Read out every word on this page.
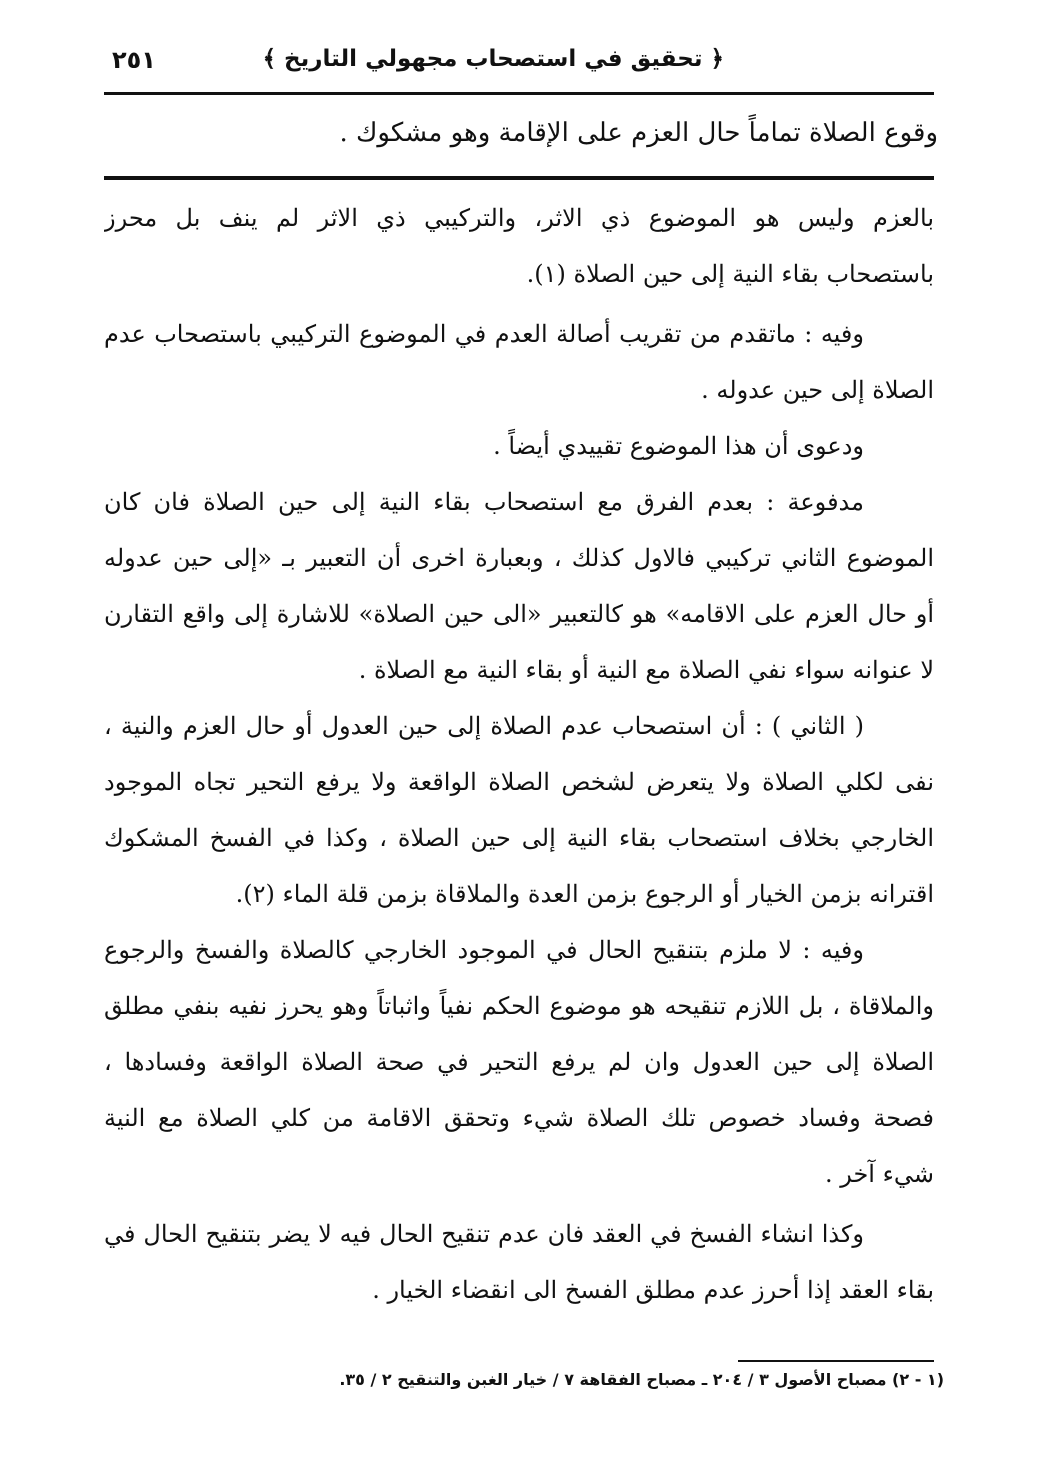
٢٥١	﴿ تحقيق في استصحاب مجهولي التاريخ ﴾
وقوع الصلاة تماماً حال العزم على الإقامة وهو مشكوك .
بالعزم وليس هو الموضوع ذي الاثر، والتركيبي ذي الاثر لم ينف بل محرز
باستصحاب بقاء النية إلى حين الصلاة (١).
وفيه : ماتقدم من تقريب أصالة العدم في الموضوع التركيبي باستصحاب عدم
الصلاة إلى حين عدوله .
ودعوى أن هذا الموضوع تقييدي أيضاً .
مدفوعة : بعدم الفرق مع استصحاب بقاء النية إلى حين الصلاة فان كان
الموضوع الثاني تركيبي فالاول كذلك ، وبعبارة اخرى أن التعبير بـ «إلى حين عدوله
أو حال العزم على الاقامه» هو كالتعبير «الى حين الصلاة» للاشارة إلى واقع التقارن
لا عنوانه سواء نفي الصلاة مع النية أو بقاء النية مع الصلاة .
( الثاني ) : أن استصحاب عدم الصلاة إلى حين العدول أو حال العزم والنية ،
نفى لكلي الصلاة ولا يتعرض لشخص الصلاة الواقعة ولا يرفع التحير تجاه الموجود
الخارجي بخلاف استصحاب بقاء النية إلى حين الصلاة ، وكذا في الفسخ المشكوك
اقترانه بزمن الخيار أو الرجوع بزمن العدة والملاقاة بزمن قلة الماء (٢).
وفيه : لا ملزم بتنقيح الحال في الموجود الخارجي كالصلاة والفسخ والرجوع
والملاقاة ، بل اللازم تنقيحه هو موضوع الحكم نفياً واثباتاً وهو يحرز نفيه بنفي مطلق
الصلاة إلى حين العدول وان لم يرفع التحير في صحة الصلاة الواقعة وفسادها ،
فصحة وفساد خصوص تلك الصلاة شيء وتحقق الاقامة من كلي الصلاة مع النية
شيء آخر .
وكذا انشاء الفسخ في العقد فان عدم تنقيح الحال فيه لا يضر بتنقيح الحال في
بقاء العقد إذا أحرز عدم مطلق الفسخ الى انقضاء الخيار .
(١ - ٢) مصباح الأصول ٣ / ٢٠٤ ـ مصباح الفقاهة ٧ / خيار الغبن والتنقيح ٢ / ٣٥.
